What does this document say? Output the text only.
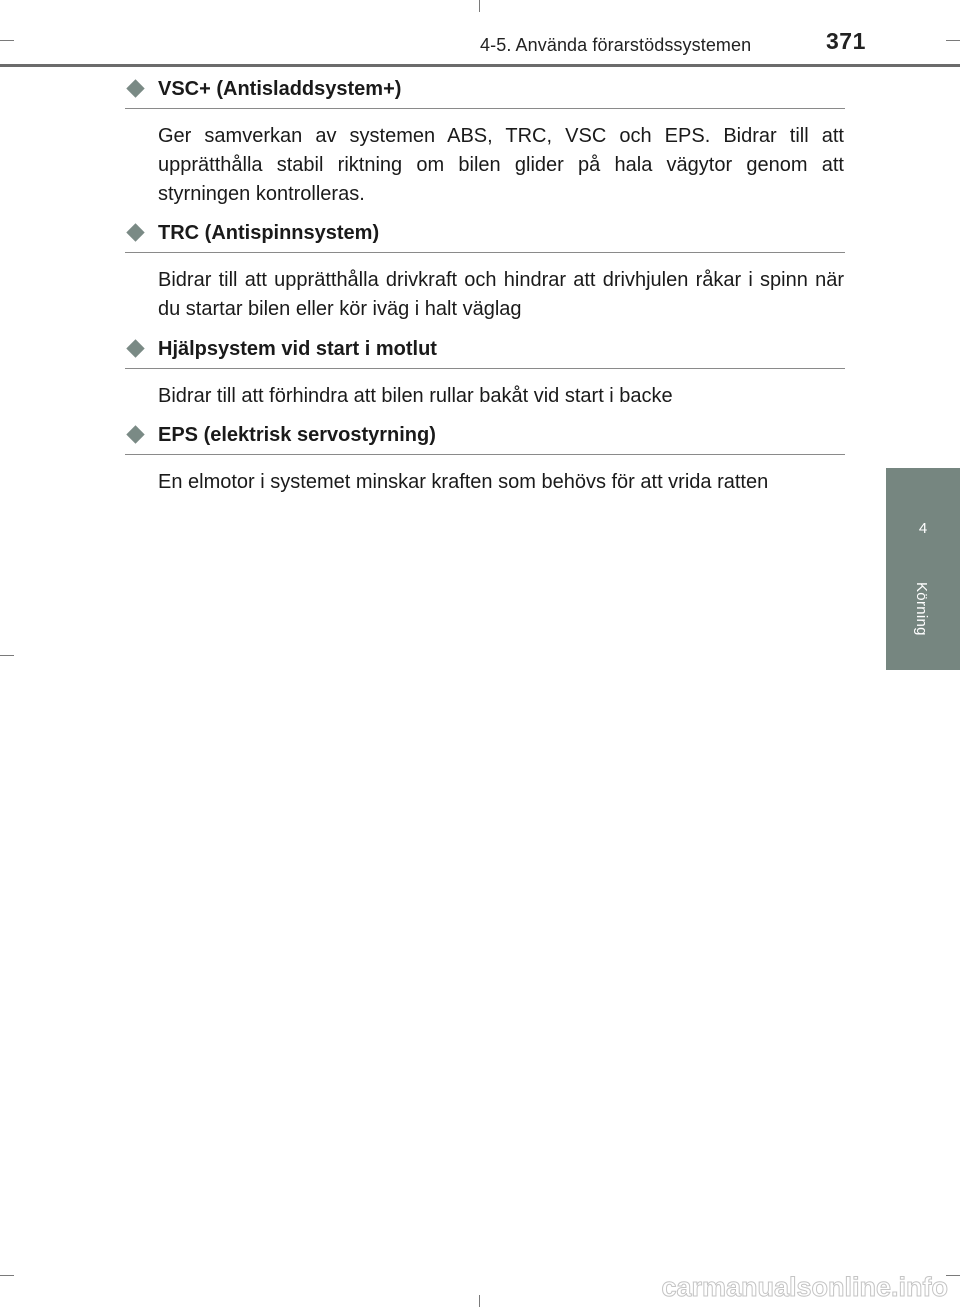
4-5. Använda förarstödssystemen	371
4
Körning
VSC+ (Antisladdsystem+)
Ger samverkan av systemen ABS, TRC, VSC och EPS. Bidrar till att upprätthålla stabil riktning om bilen glider på hala vägytor genom att styrningen kontrolleras.
TRC (Antispinnsystem)
Bidrar till att upprätthålla drivkraft och hindrar att drivhjulen råkar i spinn när du startar bilen eller kör iväg i halt väglag
Hjälpsystem vid start i motlut
Bidrar till att förhindra att bilen rullar bakåt vid start i backe
EPS (elektrisk servostyrning)
En elmotor i systemet minskar kraften som behövs för att vrida ratten
carmanualsonline.info
